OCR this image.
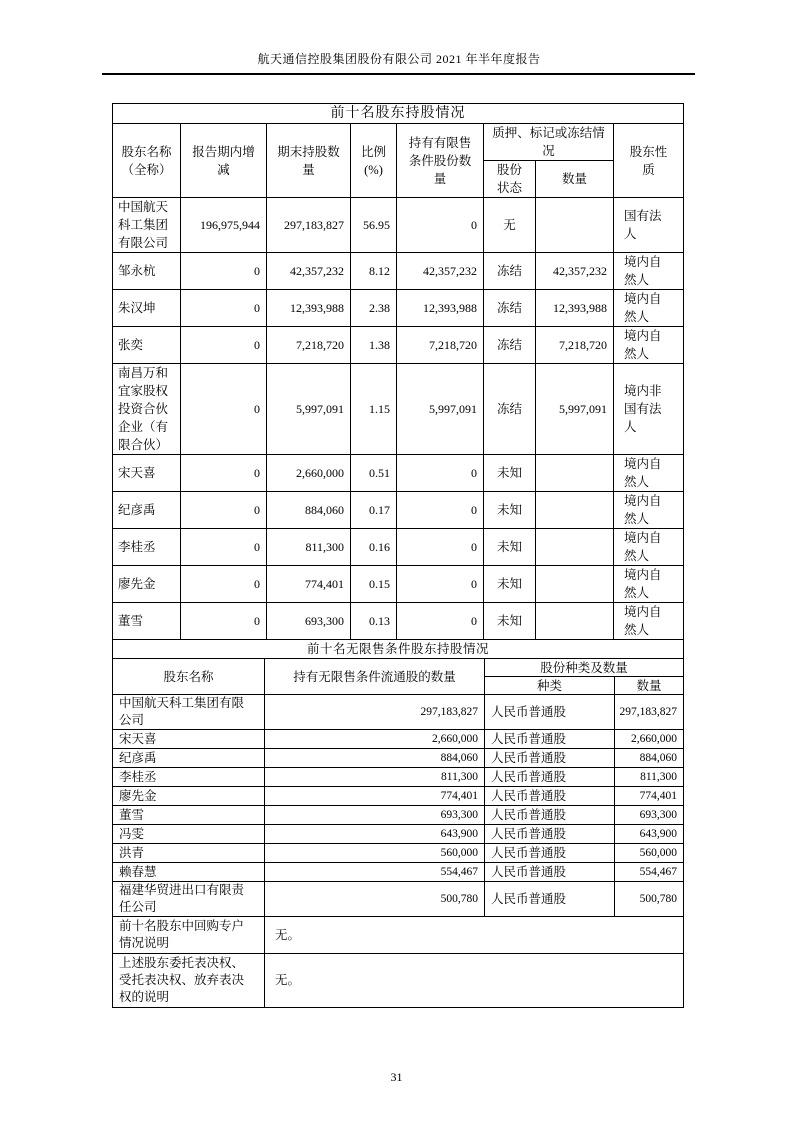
航天通信控股集团股份有限公司 2021 年半年度报告
前十名股东持股情况							
股东名称（全称）	报告期内增减	期末持股数量	比例(%)	持有有限售条件股份数量	质押、标记或冻结情况		股东性质
					股份状态	数量	
中国航天科工集团有限公司	196,975,944	297,183,827	56.95	0	无		国有法人
邹永杭	0	42,357,232	8.12	42,357,232	冻结	42,357,232	境内自然人
朱汉坤	0	12,393,988	2.38	12,393,988	冻结	12,393,988	境内自然人
张奕	0	7,218,720	1.38	7,218,720	冻结	7,218,720	境内自然人
南昌万和宜家股权投资合伙企业（有限合伙）	0	5,997,091	1.15	5,997,091	冻结	5,997,091	境内非国有法人
宋天喜	0	2,660,000	0.51	0	未知		境内自然人
纪彦禹	0	884,060	0.17	0	未知		境内自然人
李桂丞	0	811,300	0.16	0	未知		境内自然人
廖先金	0	774,401	0.15	0	未知		境内自然人
董雪	0	693,300	0.13	0	未知		境内自然人
前十名无限售条件股东持股情况			
股东名称	持有无限售条件流通股的数量	股份种类及数量	
		种类	数量
中国航天科工集团有限公司	297,183,827	人民币普通股	297,183,827
宋天喜	2,660,000	人民币普通股	2,660,000
纪彦禹	884,060	人民币普通股	884,060
李桂丞	811,300	人民币普通股	811,300
廖先金	774,401	人民币普通股	774,401
董雪	693,300	人民币普通股	693,300
冯雯	643,900	人民币普通股	643,900
洪青	560,000	人民币普通股	560,000
赖春慧	554,467	人民币普通股	554,467
福建华贸进出口有限责任公司	500,780	人民币普通股	500,780
前十名股东中回购专户情况说明	无。		
上述股东委托表决权、受托表决权、放弃表决权的说明	无。		
31
